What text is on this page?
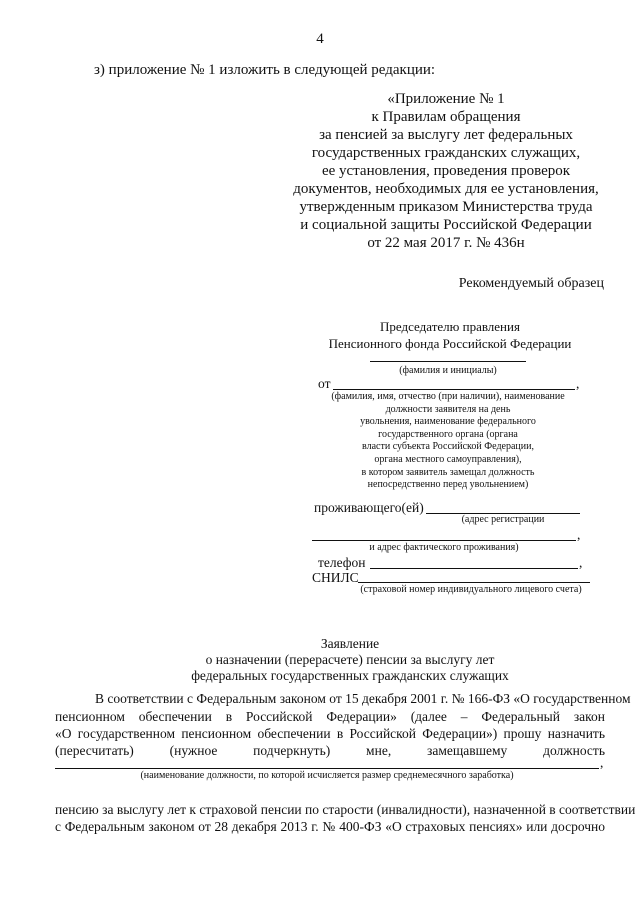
4
з) приложение № 1 изложить в следующей редакции:
«Приложение № 1
к Правилам обращения
за пенсией за выслугу лет федеральных
государственных гражданских служащих,
ее установления, проведения проверок
документов, необходимых для ее установления,
утвержденным приказом Министерства труда
и социальной защиты Российской Федерации
от 22 мая 2017 г. № 436н
Рекомендуемый образец
Председателю правления
Пенсионного фонда Российской Федерации
(фамилия и инициалы)
от	,
(фамилия, имя, отчество (при наличии), наименование
должности заявителя на день
увольнения, наименование федерального
государственного органа (органа
власти субъекта Российской Федерации,
органа местного самоуправления),
в котором заявитель замещал должность
непосредственно перед увольнением)
проживающего(ей)
(адрес регистрации
,
и адрес фактического проживания)
телефон	,
СНИЛС
(страховой номер индивидуального лицевого счета)
Заявление
о назначении (перерасчете) пенсии за выслугу лет
федеральных государственных гражданских служащих
В соответствии с Федеральным законом от 15 декабря 2001 г. № 166-ФЗ «О государственном
пенсионном обеспечении в Российской Федерации» (далее – Федеральный закон
«О государственном пенсионном обеспечении в Российской Федерации») прошу назначить
(пересчитать) (нужное подчеркнуть) мне, замещавшему должность
,
(наименование должности, по которой исчисляется размер среднемесячного заработка)
пенсию за выслугу лет к страховой пенсии по старости (инвалидности), назначенной в соответствии
с Федеральным законом от 28 декабря 2013 г. № 400-ФЗ «О страховых пенсиях» или досрочно
